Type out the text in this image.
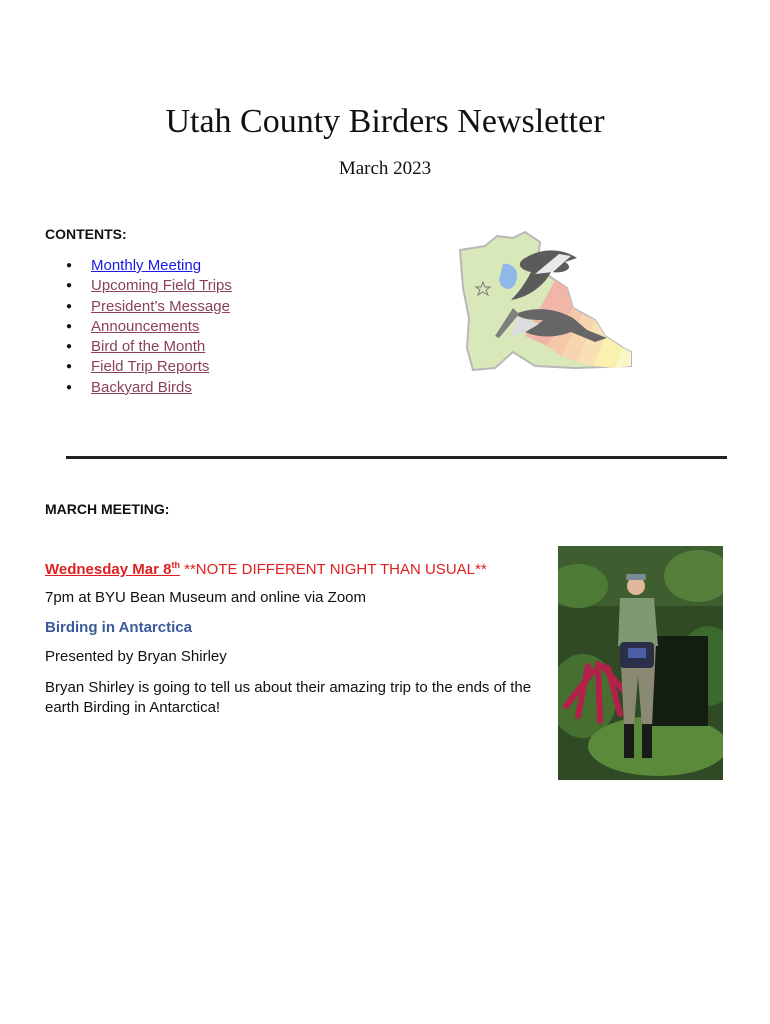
Utah County Birders Newsletter
March 2023
CONTENTS:
● Monthly Meeting
● Upcoming Field Trips
● President’s Message
● Announcements
● Bird of the Month
● Field Trip Reports
● Backyard Birds
MARCH MEETING:
Wednesday Mar 8th **NOTE DIFFERENT NIGHT THAN USUAL**
7pm at BYU Bean Museum and online via Zoom
Birding in Antarctica
Presented by Bryan Shirley
Bryan Shirley is going to tell us about their amazing trip to the ends of the earth Birding in Antarctica!
